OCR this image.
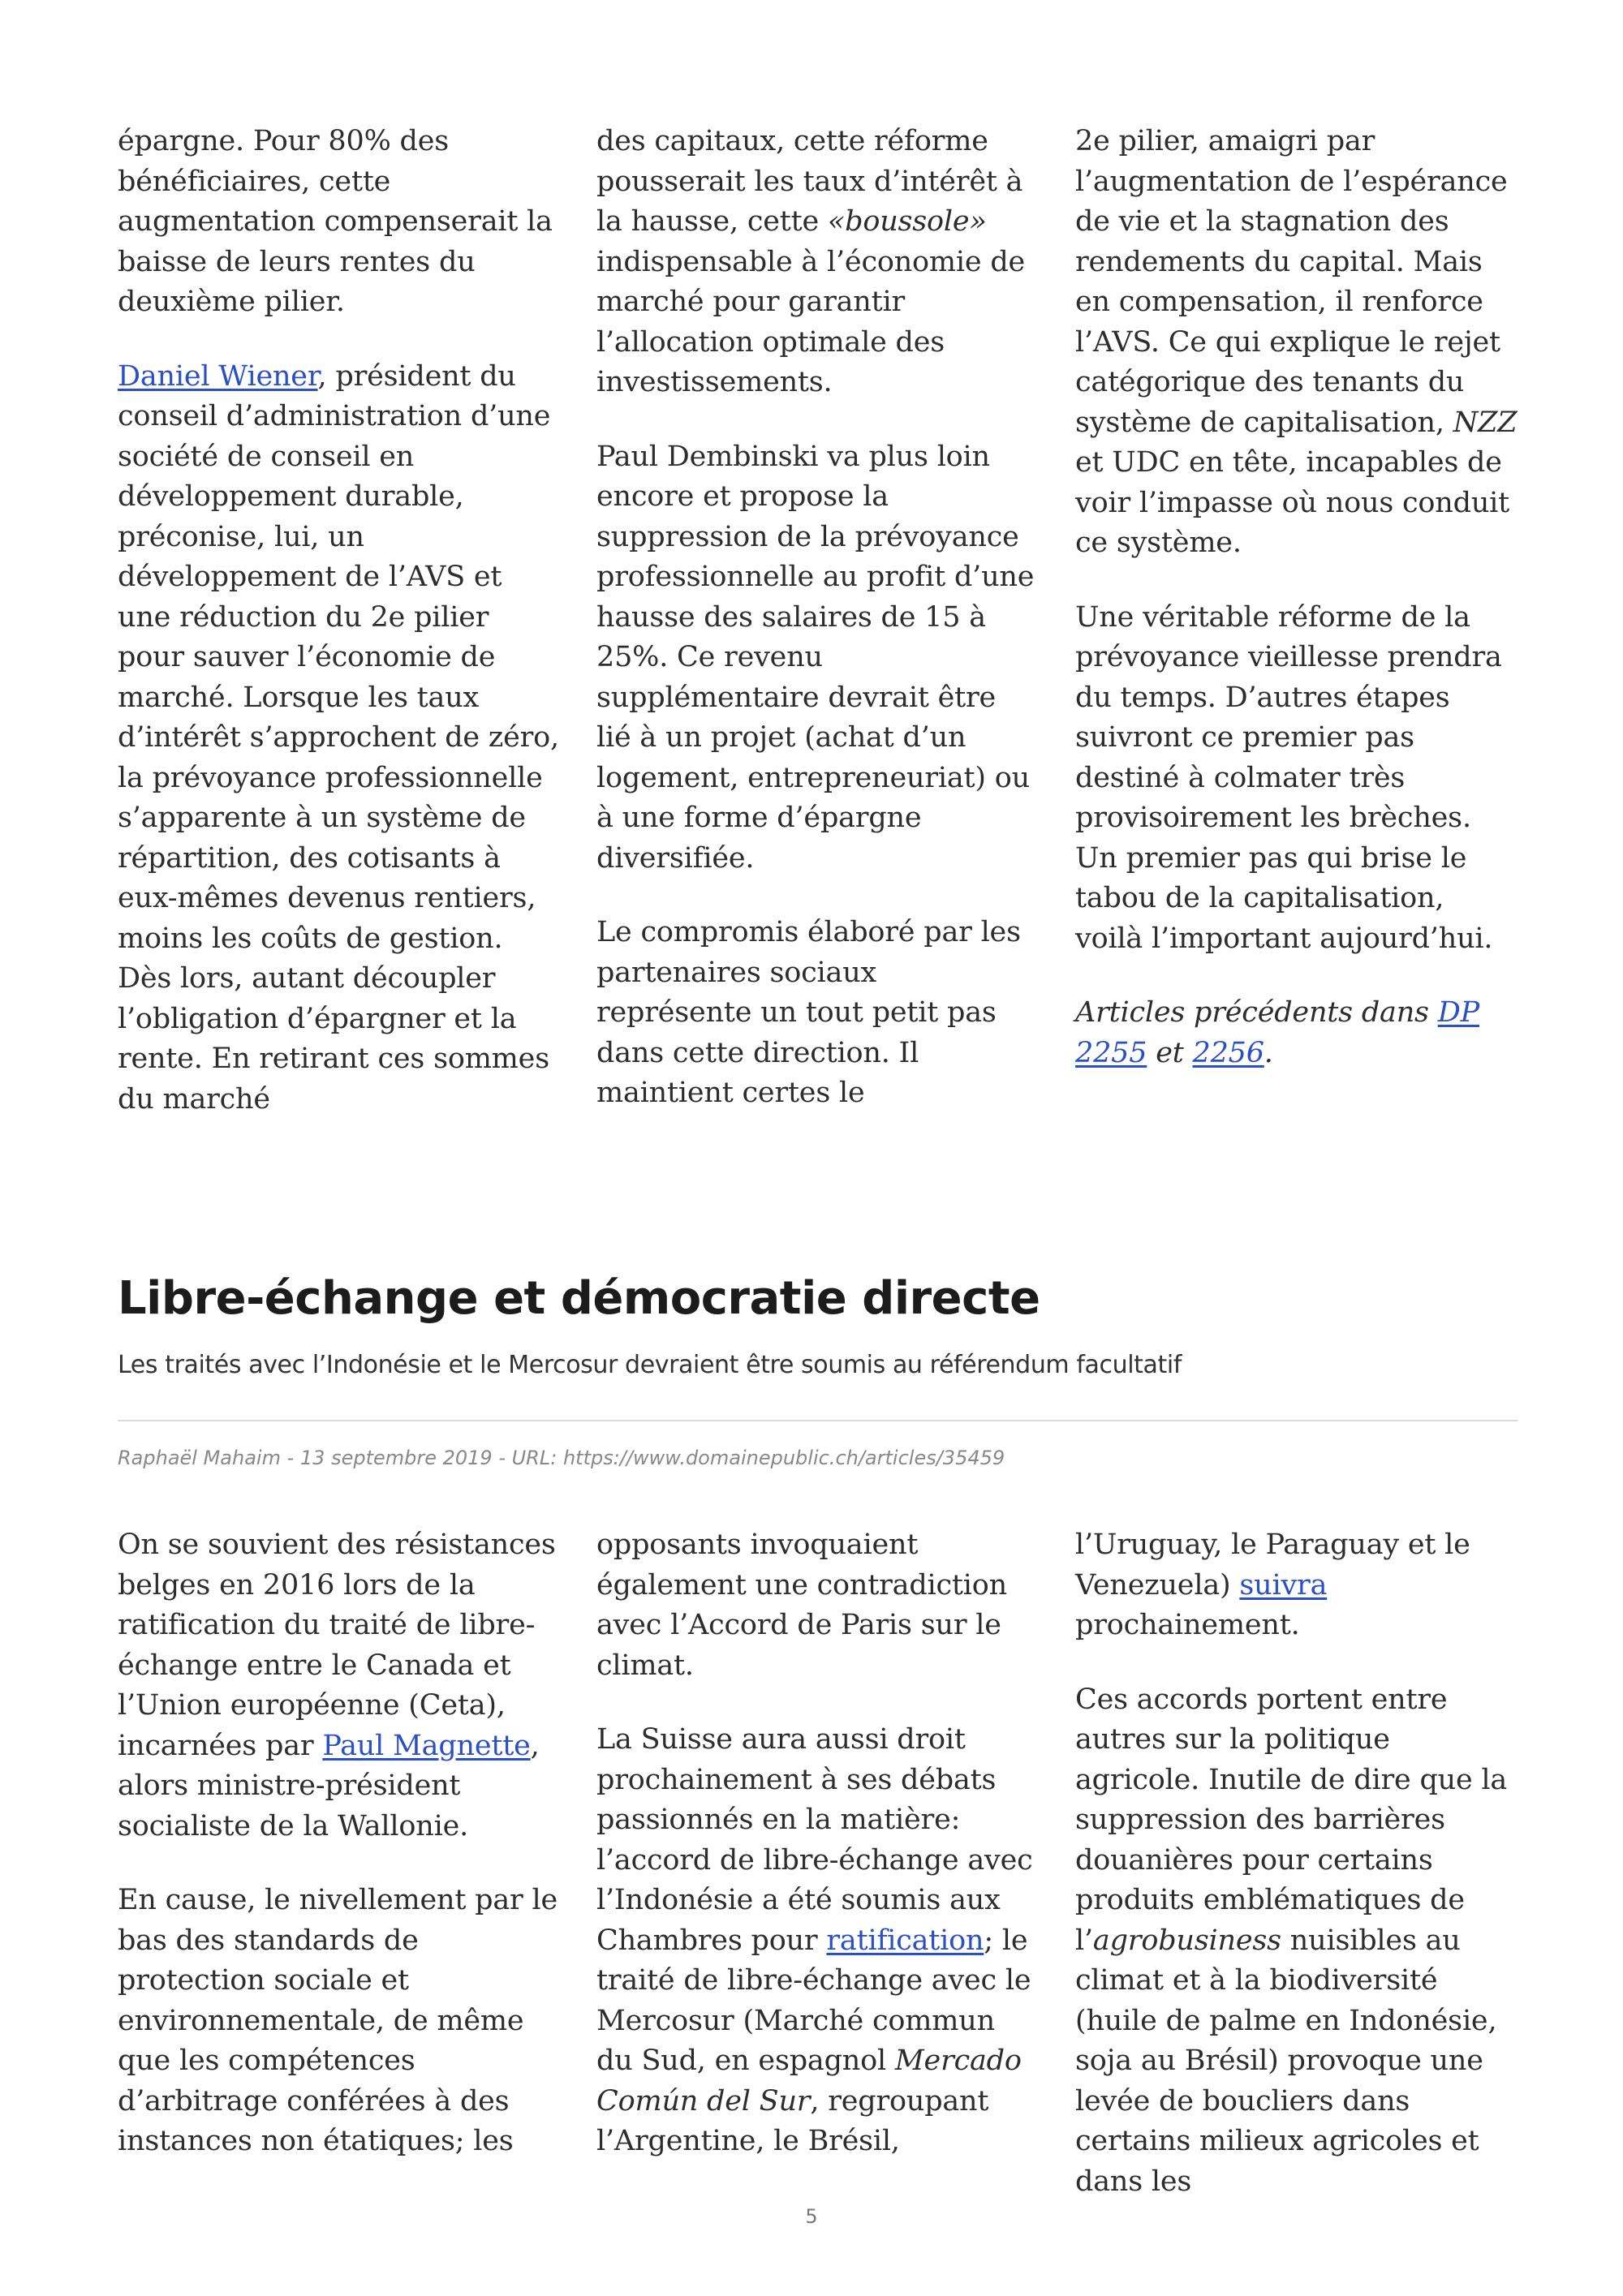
épargne. Pour 80% des bénéficiaires, cette augmentation compenserait la baisse de leurs rentes du deuxième pilier.

Daniel Wiener, président du conseil d’administration d’une société de conseil en développement durable, préconise, lui, un développement de l’AVS et une réduction du 2e pilier pour sauver l’économie de marché. Lorsque les taux d’intérêt s’approchent de zéro, la prévoyance professionnelle s’apparente à un système de répartition, des cotisants à eux-mêmes devenus rentiers, moins les coûts de gestion. Dès lors, autant découpler l’obligation d’épargner et la rente. En retirant ces sommes du marché

des capitaux, cette réforme pousserait les taux d’intérêt à la hausse, cette «boussole» indispensable à l’économie de marché pour garantir l’allocation optimale des investissements.

Paul Dembinski va plus loin encore et propose la suppression de la prévoyance professionnelle au profit d’une hausse des salaires de 15 à 25%. Ce revenu supplémentaire devrait être lié à un projet (achat d’un logement, entrepreneuriat) ou à une forme d’épargne diversifiée.

Le compromis élaboré par les partenaires sociaux représente un tout petit pas dans cette direction. Il maintient certes le

2e pilier, amaigri par l’augmentation de l’espérance de vie et la stagnation des rendements du capital. Mais en compensation, il renforce l’AVS. Ce qui explique le rejet catégorique des tenants du système de capitalisation, NZZ et UDC en tête, incapables de voir l’impasse où nous conduit ce système.

Une véritable réforme de la prévoyance vieillesse prendra du temps. D’autres étapes suivront ce premier pas destiné à colmater très provisoirement les brèches. Un premier pas qui brise le tabou de la capitalisation, voilà l’important aujourd’hui.

Articles précédents dans DP 2255 et 2256.

Libre-échange et démocratie directe

Les traités avec l’Indonésie et le Mercosur devraient être soumis au référendum facultatif

Raphaël Mahaim - 13 septembre 2019 - URL: https://www.domainepublic.ch/articles/35459

On se souvient des résistances belges en 2016 lors de la ratification du traité de libre-échange entre le Canada et l’Union européenne (Ceta), incarnées par Paul Magnette, alors ministre-président socialiste de la Wallonie.

En cause, le nivellement par le bas des standards de protection sociale et environnementale, de même que les compétences d’arbitrage conférées à des instances non étatiques; les

opposants invoquaient également une contradiction avec l’Accord de Paris sur le climat.

La Suisse aura aussi droit prochainement à ses débats passionnés en la matière: l’accord de libre-échange avec l’Indonésie a été soumis aux Chambres pour ratification; le traité de libre-échange avec le Mercosur (Marché commun du Sud, en espagnol Mercado Común del Sur, regroupant l’Argentine, le Brésil,

l’Uruguay, le Paraguay et le Venezuela) suivra prochainement.

Ces accords portent entre autres sur la politique agricole. Inutile de dire que la suppression des barrières douanières pour certains produits emblématiques de l’agrobusiness nuisibles au climat et à la biodiversité (huile de palme en Indonésie, soja au Brésil) provoque une levée de boucliers dans certains milieux agricoles et dans les

5
